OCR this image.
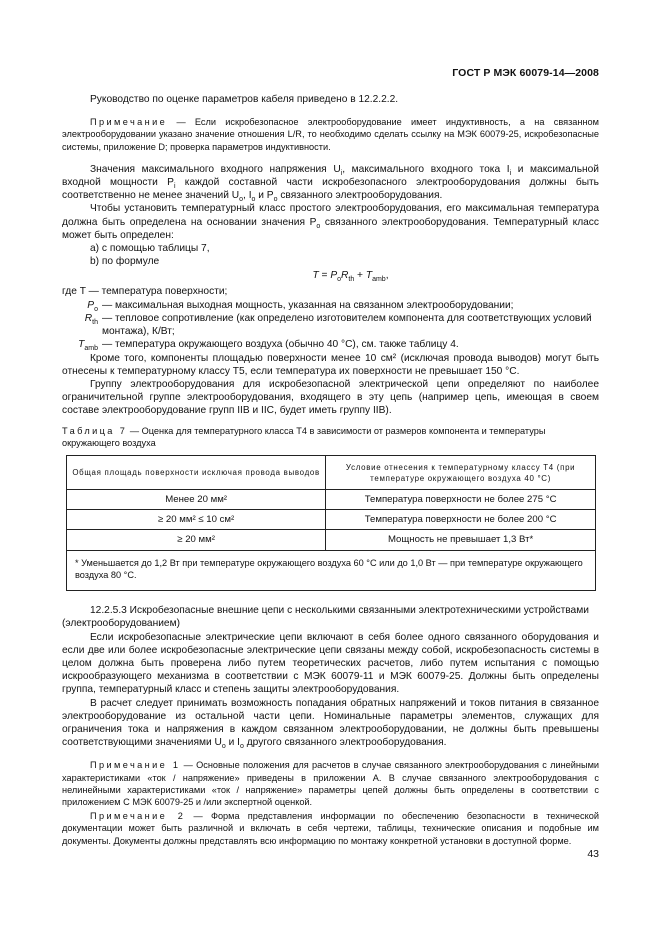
ГОСТ Р МЭК 60079-14—2008

Руководство по оценке параметров кабеля приведено в 12.2.2.2.

Примечание — Если искробезопасное электрооборудование имеет индуктивность, а на связанном электрооборудовании указано значение отношения L/R, то необходимо сделать ссылку на МЭК 60079-25, искробезопасные системы, приложение D; проверка параметров индуктивности.

Значения максимального входного напряжения $U_i$, максимального входного тока $I_i$ и максимальной входной мощности $P_i$ каждой составной части искробезопасного электрооборудования должны быть соответственно не менее значений $U_o$, $I_o$ и $P_o$ связанного электрооборудования.

Чтобы установить температурный класс простого электрооборудования, его максимальная температура должна быть определена на основании значения $P_o$ связанного электрооборудования. Температурный класс может быть определен:

a) с помощью таблицы 7,

b) по формуле

$T = P_oR_{th} + T_{amb}$,

где T — температура поверхности;

$P_o$ — максимальная выходная мощность, указанная на связанном электрооборудовании;
$R_{th}$ — тепловое сопротивление (как определено изготовителем компонента для соответствующих условий монтажа), К/Вт;
$T_{amb}$ — температура окружающего воздуха (обычно 40 °С), см. также таблицу 4.

Кроме того, компоненты площадью поверхности менее 10 см² (исключая провода выводов) могут быть отнесены к температурному классу Т5, если температура их поверхности не превышает 150 °С.

Группу электрооборудования для искробезопасной электрической цепи определяют по наиболее ограничительной группе электрооборудования, входящего в эту цепь (например цепь, имеющая в своем составе электрооборудование групп IIB и IIC, будет иметь группу IIB).

Таблица 7 — Оценка для температурного класса Т4 в зависимости от размеров компонента и температуры окружающего воздуха

Общая площадь поверхности исключая провода выводов	Условие отнесения к температурному классу Т4 (при температуре окружающего воздуха 40 °С)
Менее 20 мм²	Температура поверхности не более 275 °С
≥ 20 мм² ≤ 10 см²	Температура поверхности не более 200 °С
≥ 20 мм²	Мощность не превышает 1,3 Вт*
* Уменьшается до 1,2 Вт при температуре окружающего воздуха 60 °С или до 1,0 Вт — при температуре окружающего воздуха 80 °С.	

12.2.5.3 Искробезопасные внешние цепи с несколькими связанными электротехническими устройствами (электрооборудованием)

Если искробезопасные электрические цепи включают в себя более одного связанного оборудования и если две или более искробезопасные электрические цепи связаны между собой, искробезопасность системы в целом должна быть проверена либо путем теоретических расчетов, либо путем испытания с помощью искрообразующего механизма в соответствии с МЭК 60079-11 и МЭК 60079-25. Должны быть определены группа, температурный класс и степень защиты электрооборудования.

В расчет следует принимать возможность попадания обратных напряжений и токов питания в связанное электрооборудование из остальной части цепи. Номинальные параметры элементов, служащих для ограничения тока и напряжения в каждом связанном электрооборудовании, не должны быть превышены соответствующими значениями $U_o$ и $I_o$ другого связанного электрооборудования.

Примечание 1 — Основные положения для расчетов в случае связанного электрооборудования с линейными характеристиками «ток / напряжение» приведены в приложении А. В случае связанного электрооборудования с нелинейными характеристиками «ток / напряжение» параметры цепей должны быть определены в соответствии с приложением С МЭК 60079-25 и /или экспертной оценкой.

Примечание 2 — Форма представления информации по обеспечению безопасности в технической документации может быть различной и включать в себя чертежи, таблицы, технические описания и подобные им документы. Документы должны представлять всю информацию по монтажу конкретной установки в доступной форме.

43
